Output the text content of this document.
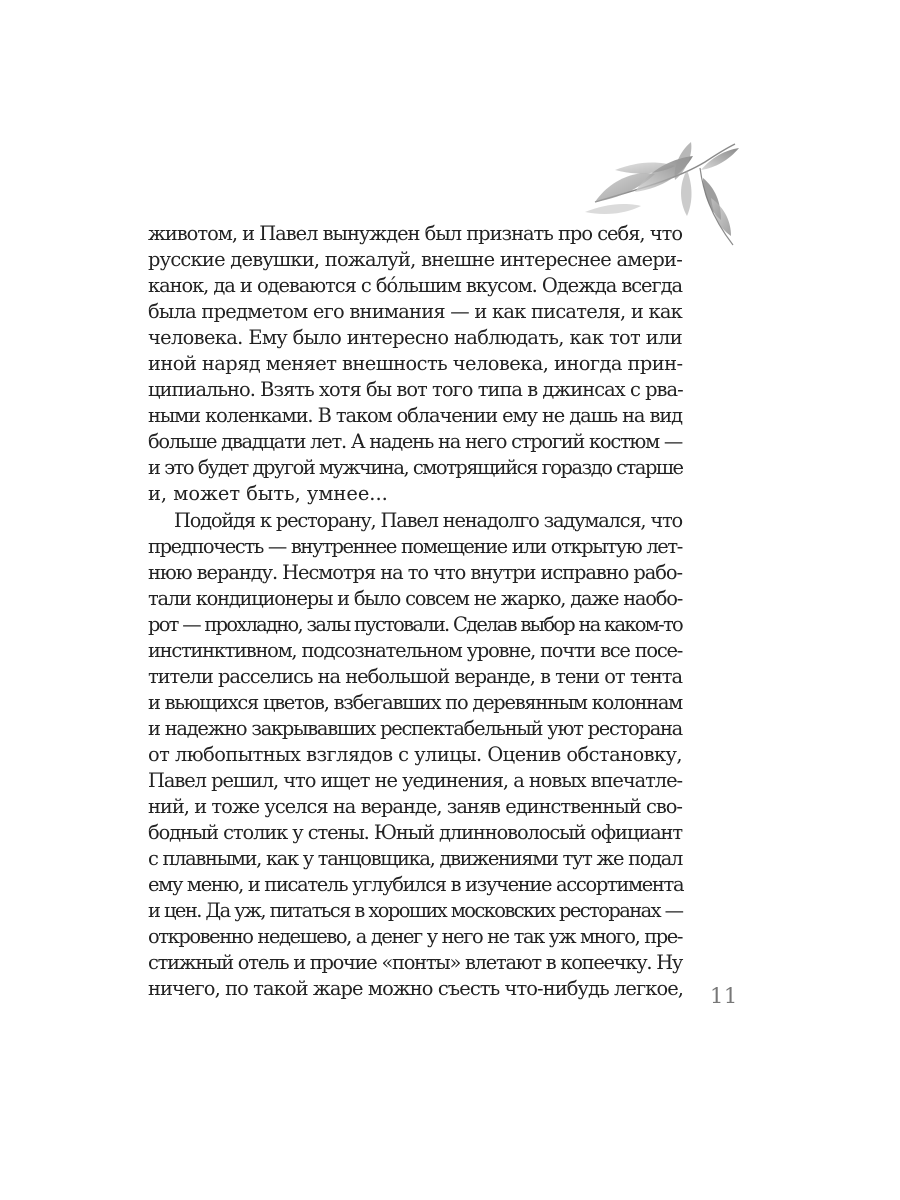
животом, и Павел вынужден был признать про себя, что
русские девушки, пожалуй, внешне интереснее амери-
канок, да и одеваются с бóльшим вкусом. Одежда всегда
была предметом его внимания — и как писателя, и как
человека. Ему было интересно наблюдать, как тот или
иной наряд меняет внешность человека, иногда прин-
ципиально. Взять хотя бы вот того типа в джинсах с рва-
ными коленками. В таком облачении ему не дашь на вид
больше двадцати лет. А надень на него строгий костюм —
и это будет другой мужчина, смотрящийся гораздо старше
и, может быть, умнее...
Подойдя к ресторану, Павел ненадолго задумался, что
предпочесть — внутреннее помещение или открытую лет-
нюю веранду. Несмотря на то что внутри исправно рабо-
тали кондиционеры и было совсем не жарко, даже наобо-
рот — прохладно, залы пустовали. Сделав выбор на каком-то
инстинктивном, подсознательном уровне, почти все посе-
тители расселись на небольшой веранде, в тени от тента
и вьющихся цветов, взбегавших по деревянным колоннам
и надежно закрывавших респектабельный уют ресторана
от любопытных взглядов с улицы. Оценив обстановку,
Павел решил, что ищет не уединения, а новых впечатле-
ний, и тоже уселся на веранде, заняв единственный сво-
бодный столик у стены. Юный длинноволосый официант
с плавными, как у танцовщика, движениями тут же подал
ему меню, и писатель углубился в изучение ассортимента
и цен. Да уж, питаться в хороших московских ресторанах —
откровенно недешево, а денег у него не так уж много, пре-
стижный отель и прочие «понты» влетают в копеечку. Ну
ничего, по такой жаре можно съесть что-нибудь легкое, 11
